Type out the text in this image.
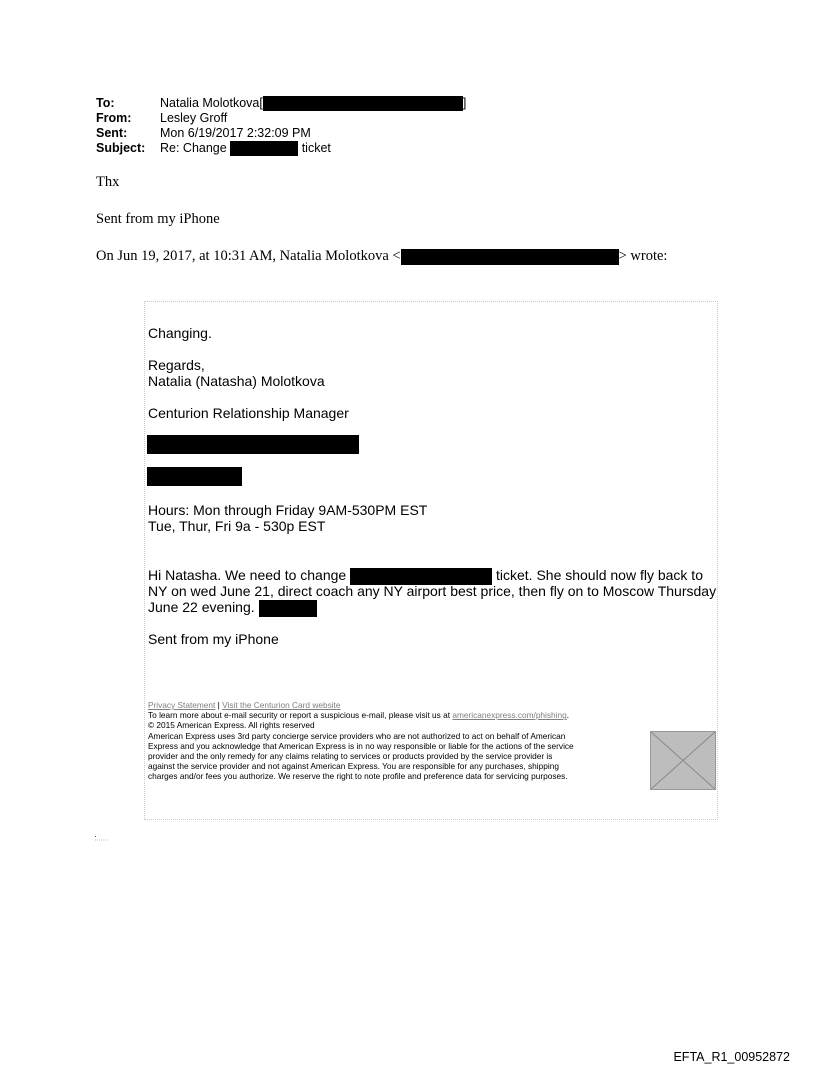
To:	Natalia Molotkova[	]
From: Lesley Groff
Sent:	Mon 6/19/2017 2:32:09 PM
Subject: Re: Change	ticket
Thx
Sent from my iPhone
On Jun 19, 2017, at 10:31 AM, Natalia Molotkova <	> wrote:
Changing.
Regards,
Natalia (Natasha) Molotkova
Centurion Relationship Manager
Hours: Mon through Friday 9AM-530PM EST
Tue, Thur, Fri 9a - 530p EST
Hi Natasha. We need to change	ticket. She should now fly back to
NY on wed June 21, direct coach any NY airport best price, then fly on to Moscow Thursday
June 22 evening.
Sent from my iPhone
Privacy Statement | Visit the Centurion Card website
To learn more about e-mail security or report a suspicious e-mail, please visit us at americanexpress.com/phishing.
© 2015 American Express. All rights reserved
American Express uses 3rd party concierge service providers who are not authorized to act on behalf of American
Express and you acknowledge that American Express is in no way responsible or liable for the actions of the service
provider and the only remedy for any claims relating to services or products provided by the service provider is
against the service provider and not against American Express. You are responsible for any purchases, shipping
charges and/or fees you authorize. We reserve the right to note profile and preference data for servicing purposes.
EFTA_R1_00952872
